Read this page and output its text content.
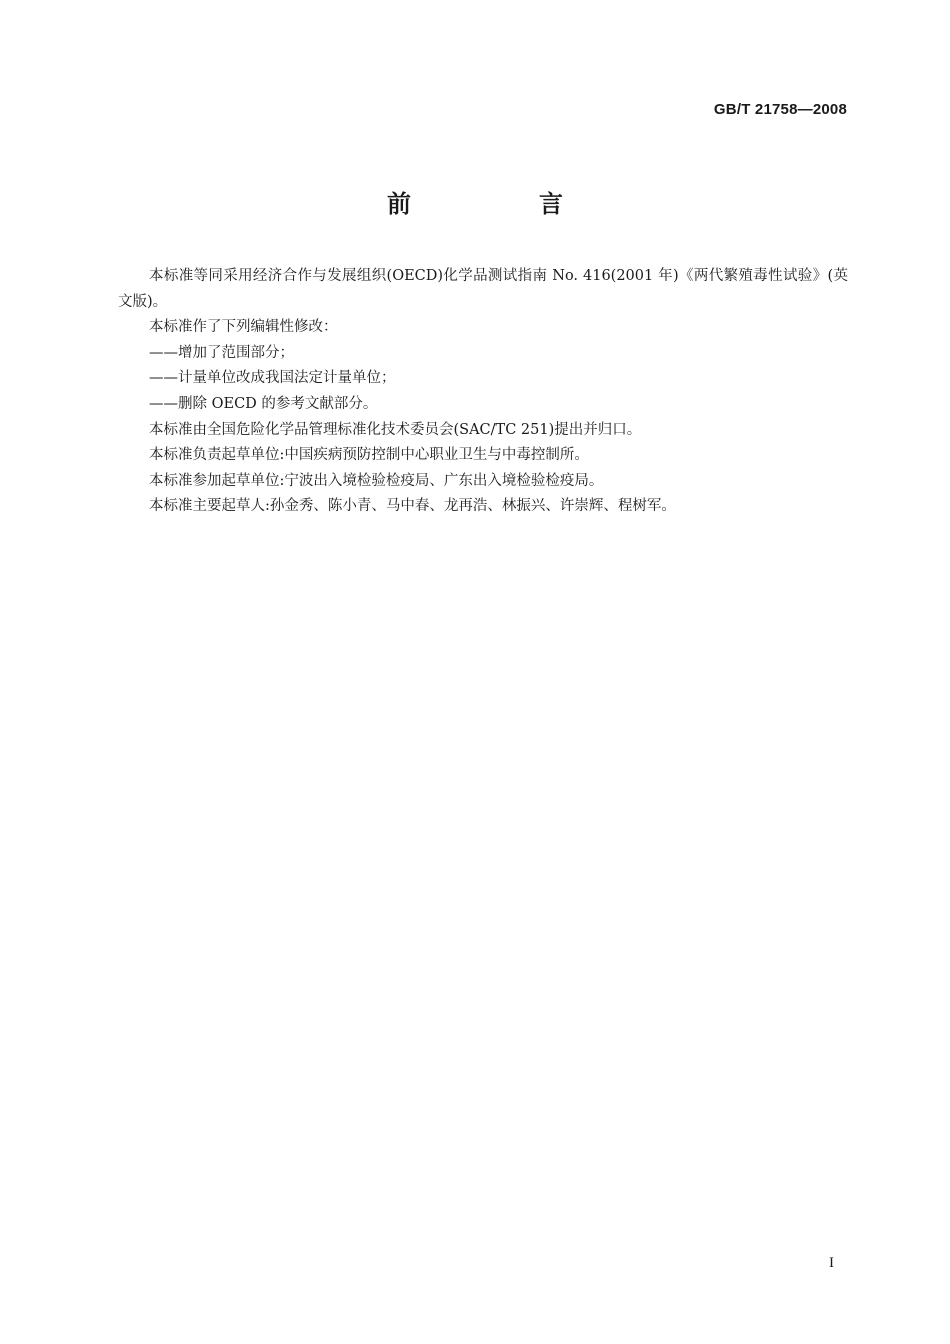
GB/T 21758—2008
前　言

本标准等同采用经济合作与发展组织(OECD)化学品测试指南 No. 416(2001 年)《两代繁殖毒性试验》(英文版)。

本标准作了下列编辑性修改：

——增加了范围部分；

——计量单位改成我国法定计量单位；

——删除 OECD 的参考文献部分。

本标准由全国危险化学品管理标准化技术委员会(SAC/TC 251)提出并归口。

本标准负责起草单位:中国疾病预防控制中心职业卫生与中毒控制所。

本标准参加起草单位:宁波出入境检验检疫局、广东出入境检验检疫局。

本标准主要起草人:孙金秀、陈小青、马中春、龙再浩、林振兴、许崇辉、程树军。

I
